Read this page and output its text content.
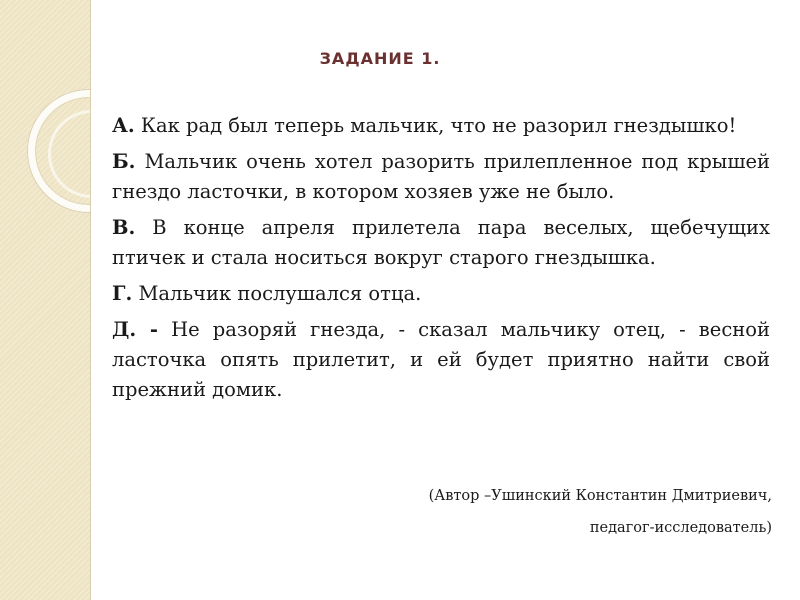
ЗАДАНИЕ 1.

А. Как рад был теперь мальчик, что не разорил гнездышко!

Б. Мальчик очень хотел разорить прилепленное под крышей гнездо ласточки, в котором хозяев уже не было.

В. В конце апреля прилетела пара веселых, щебечущих птичек и стала носиться вокруг старого гнездышка.

Г. Мальчик послушался отца.

Д. - Не разоряй гнезда, - сказал мальчику отец, - весной ласточка опять прилетит, и ей будет приятно найти свой прежний домик.

(Автор –Ушинский Константин Дмитриевич,
педагог-исследователь)
